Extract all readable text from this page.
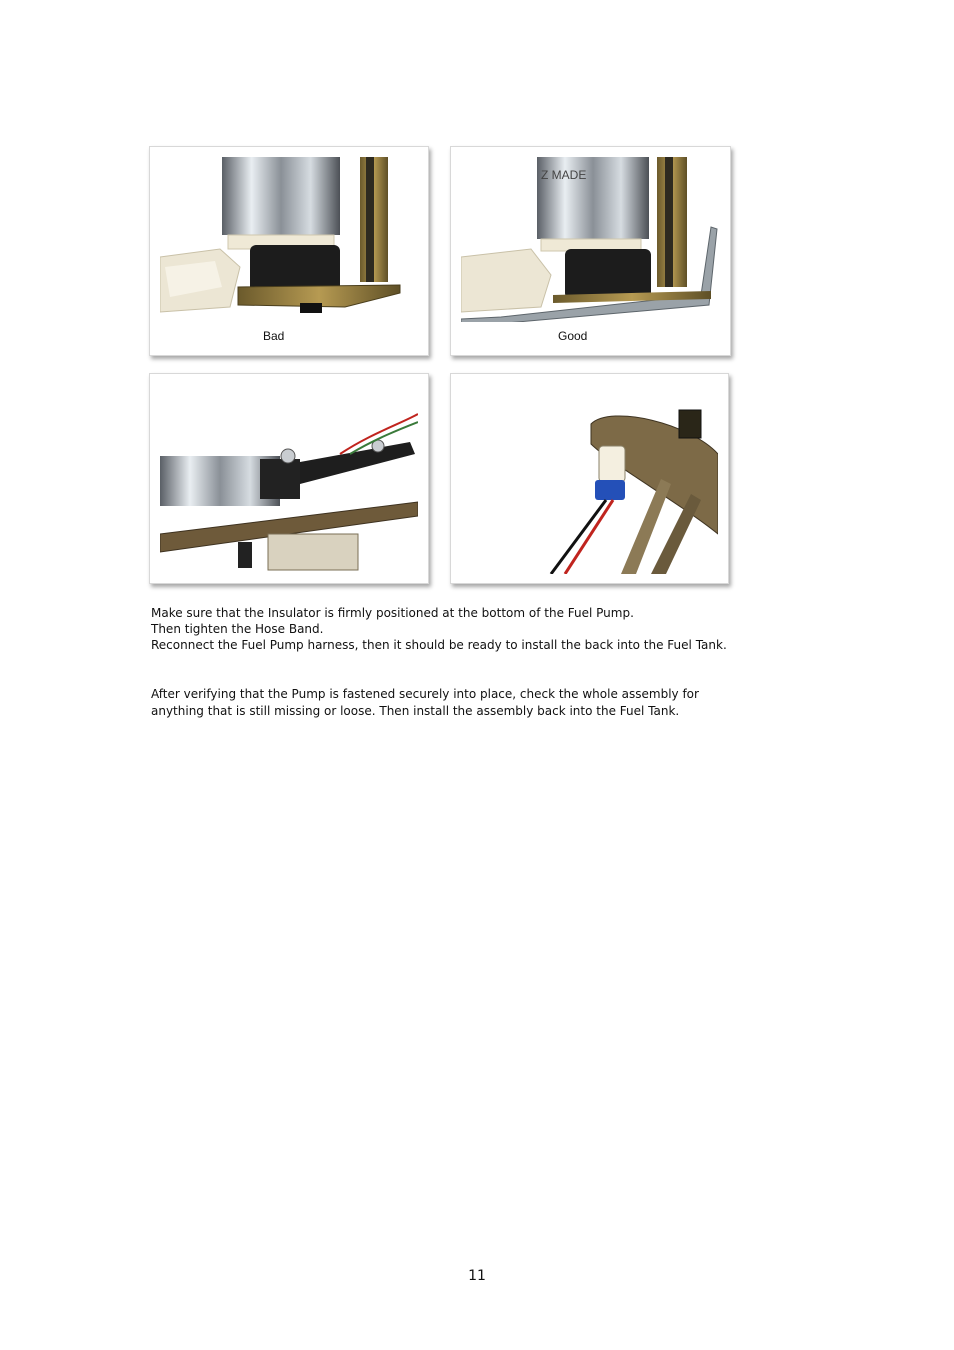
Bad
Z MADE
Good

Make sure that the Insulator is firmly positioned at the bottom of the Fuel Pump.

Then tighten the Hose Band.

Reconnect the Fuel Pump harness, then it should be ready to install the back into the Fuel Tank.

After verifying that the Pump is fastened securely into place, check the whole assembly for

anything that is still missing or loose. Then install the assembly back into the Fuel Tank.

11
